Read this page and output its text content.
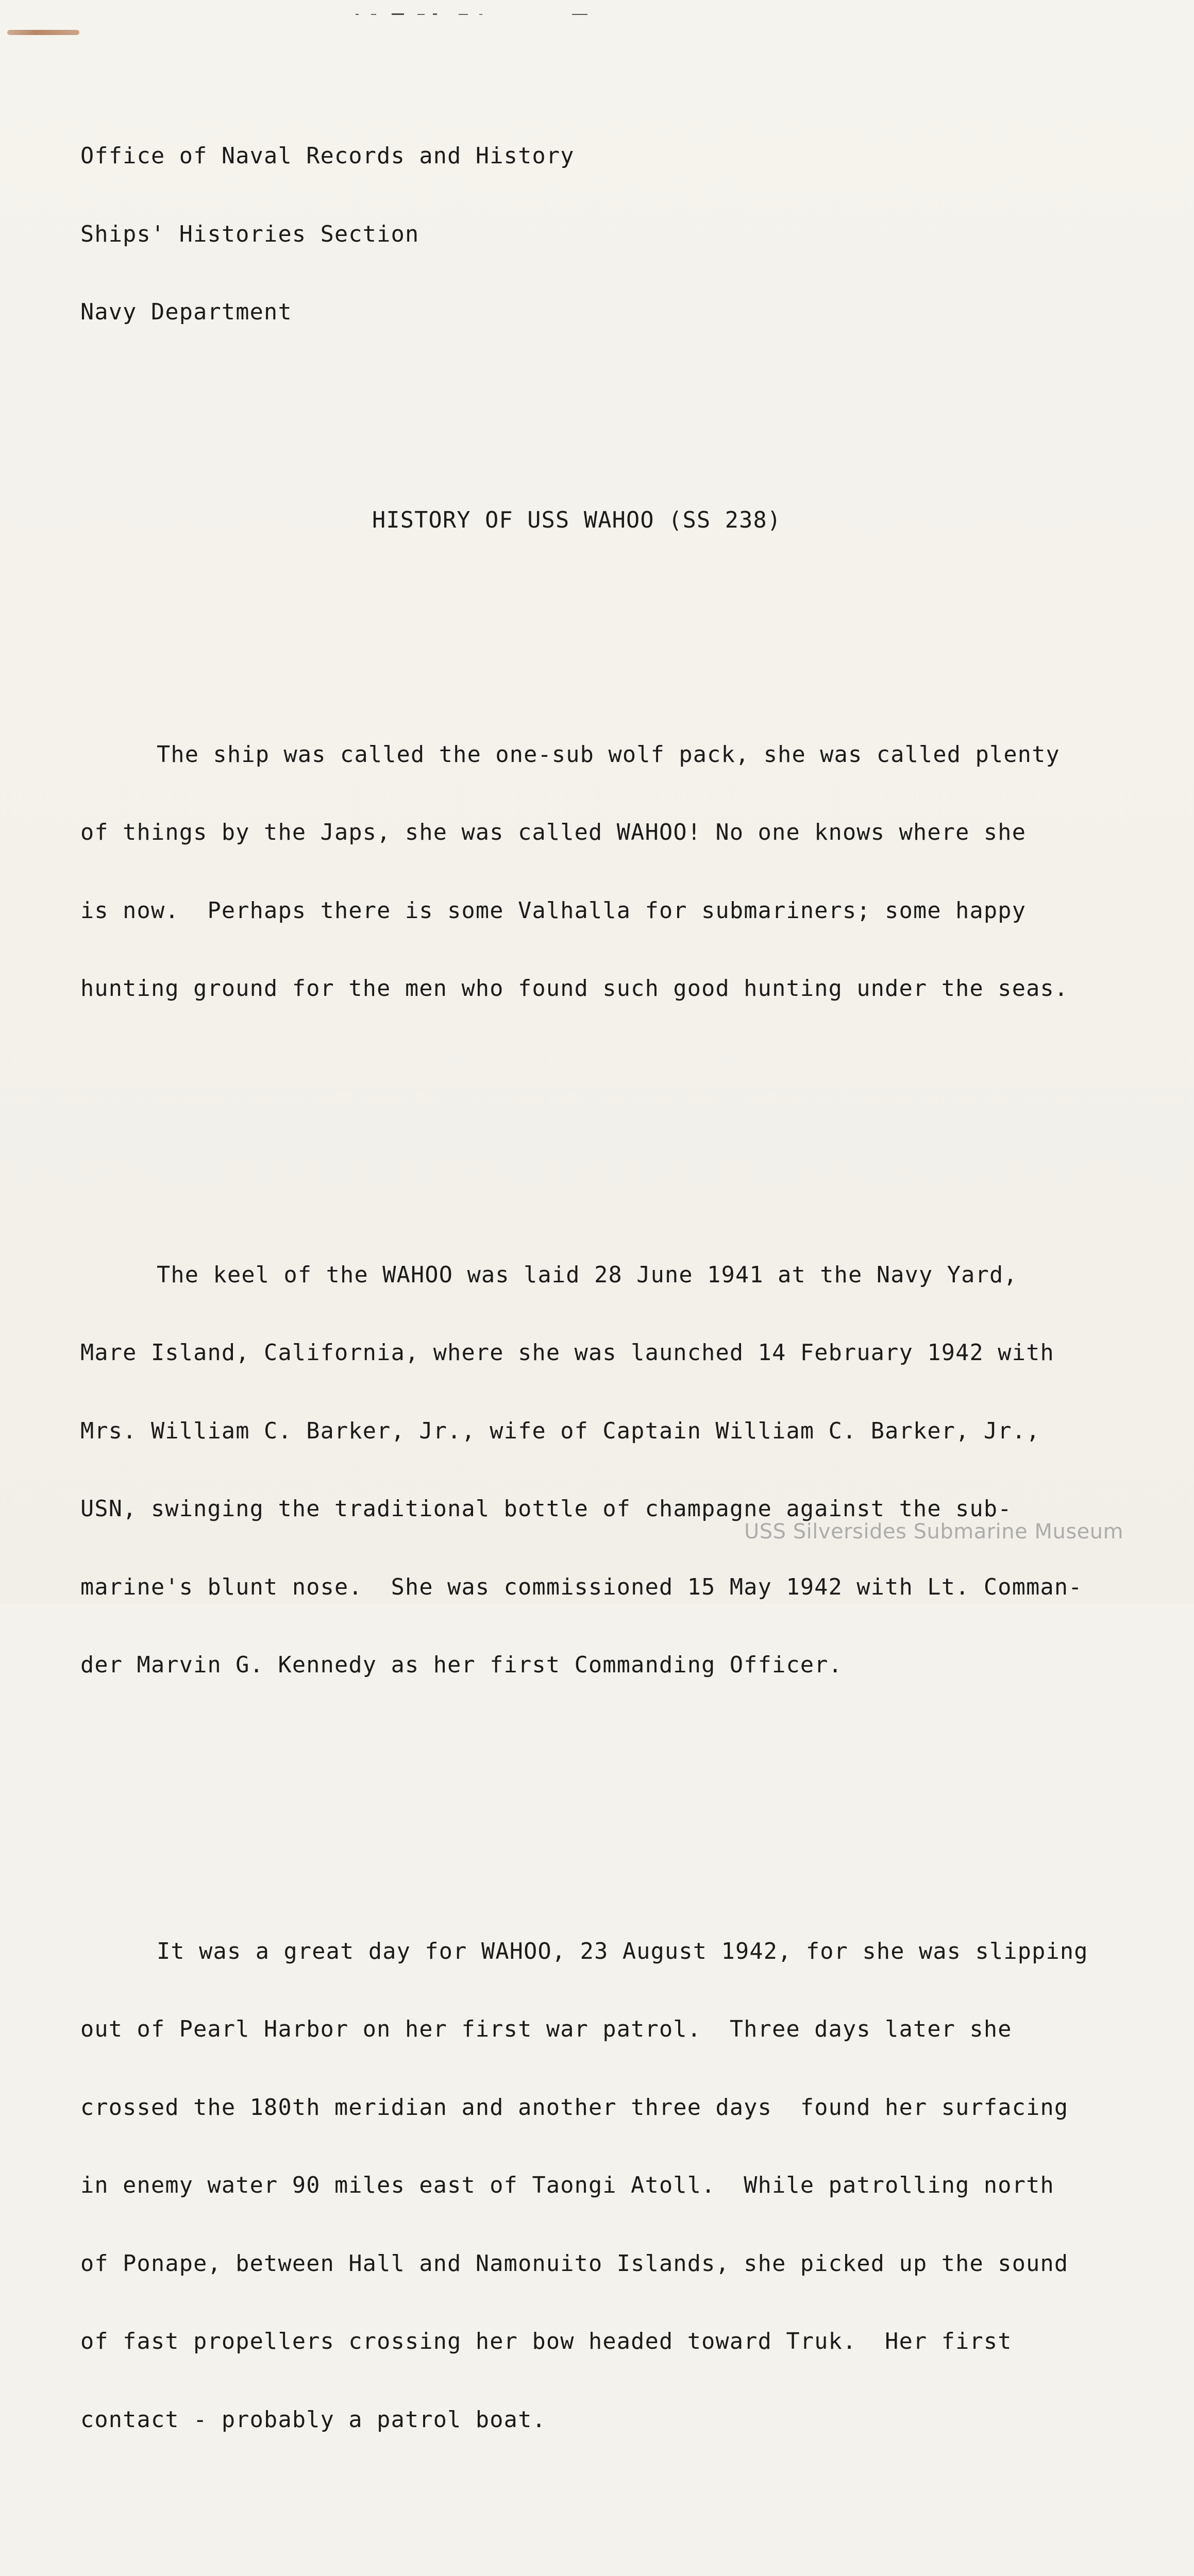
Office of Naval Records and History

Ships' Histories Section

Navy Department

HISTORY OF USS WAHOO (SS 238)

The ship was called the one-sub wolf pack, she was called plenty

of things by the Japs, she was called WAHOO! No one knows where she

is now.  Perhaps there is some Valhalla for submariners; some happy

hunting ground for the men who found such good hunting under the seas.

The keel of the WAHOO was laid 28 June 1941 at the Navy Yard,

Mare Island, California, where she was launched 14 February 1942 with

Mrs. William C. Barker, Jr., wife of Captain William C. Barker, Jr.,

USN, swinging the traditional bottle of champagne against the sub-

marine's blunt nose.  She was commissioned 15 May 1942 with Lt. Comman-

der Marvin G. Kennedy as her first Commanding Officer.

It was a great day for WAHOO, 23 August 1942, for she was slipping

out of Pearl Harbor on her first war patrol.  Three days later she

crossed the 180th meridian and another three days  found her surfacing

in enemy water 90 miles east of Taongi Atoll.  While patrolling north

of Ponape, between Hall and Namonuito Islands, she picked up the sound

of fast propellers crossing her bow headed toward Truk.  Her first

contact - probably a patrol boat.

USS Silversides Submarine Museum
